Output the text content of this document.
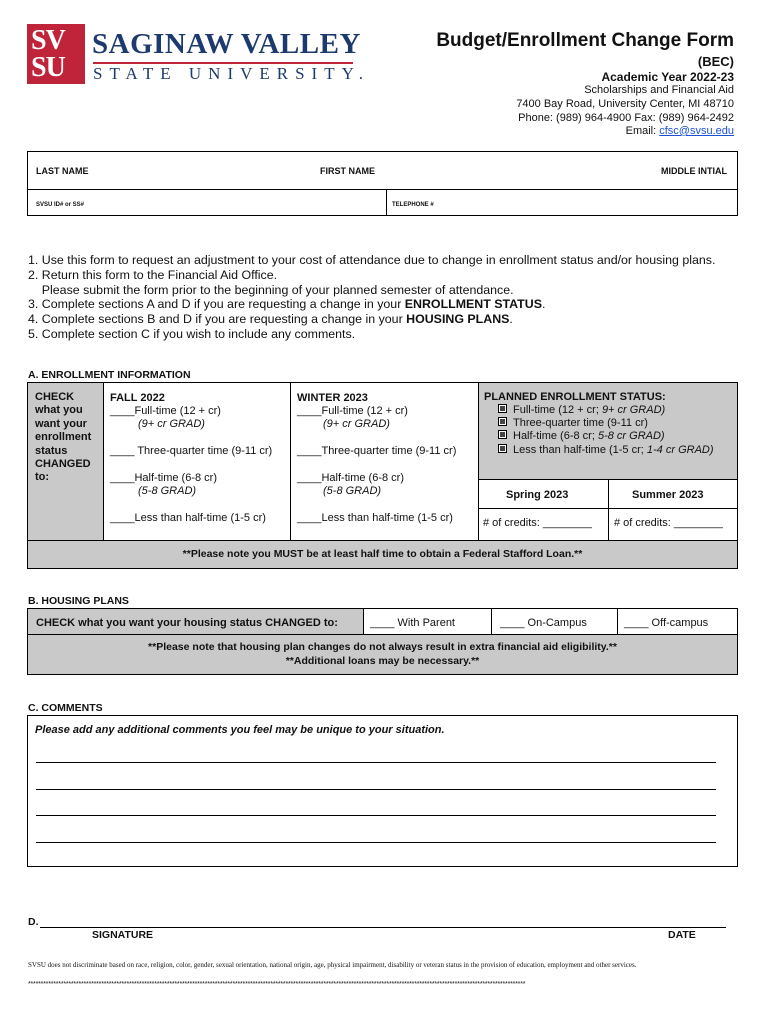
SV
SU
SAGINAW VALLEY
STATE UNIVERSITY.
Budget/Enrollment Change Form
(BEC)
Academic Year 2022-23
Scholarships and Financial Aid
7400 Bay Road, University Center, MI 48710
Phone: (989) 964-4900 Fax: (989) 964-2492
Email: cfsc@svsu.edu
LAST NAME	FIRST NAME	MIDDLE INTIAL
SVSU ID# or SS#	TELEPHONE #
1. Use this form to request an adjustment to your cost of attendance due to change in enrollment status and/or housing plans.
2. Return this form to the Financial Aid Office.
Please submit the form prior to the beginning of your planned semester of attendance.
3. Complete sections A and D if you are requesting a change in your ENROLLMENT STATUS.
4. Complete sections B and D if you are requesting a change in your HOUSING PLANS.
5. Complete section C if you wish to include any comments.
A. ENROLLMENT INFORMATION
CHECK
what you
want your
enrollment
status
CHANGED
to:
FALL 2022
____Full-time (12 + cr)
(9+ cr GRAD)
____ Three-quarter time (9-11 cr)
____Half-time (6-8 cr)
(5-8 GRAD)
____Less than half-time (1-5 cr)
WINTER 2023
____Full-time (12 + cr)
(9+ cr GRAD)
____Three-quarter time (9-11 cr)
____Half-time (6-8 cr)
(5-8 GRAD)
____Less than half-time (1-5 cr)
PLANNED ENROLLMENT STATUS:
Full-time (12 + cr; 9+ cr GRAD)
Three-quarter time (9-11 cr)
Half-time (6-8 cr; 5-8 cr GRAD)
Less than half-time (1-5 cr; 1-4 cr GRAD)
Spring 2023	Summer 2023
# of credits: ________ # of credits: ________
**Please note you MUST be at least half time to obtain a Federal Stafford Loan.**
B. HOUSING PLANS
CHECK what you want your housing status CHANGED to:	____ With Parent	____ On-Campus	____ Off-campus
**Please note that housing plan changes do not always result in extra financial aid eligibility.**
**Additional loans may be necessary.**
C. COMMENTS
Please add any additional comments you feel may be unique to your situation.
D.
SIGNATURE	DATE
SVSU does not discriminate based on race, religion, color, gender, sexual orientation, national origin, age, physical impairment, disability or veteran status in the provision of education, employment and other services.
*****************************************************************************************************************************************************************************************************
